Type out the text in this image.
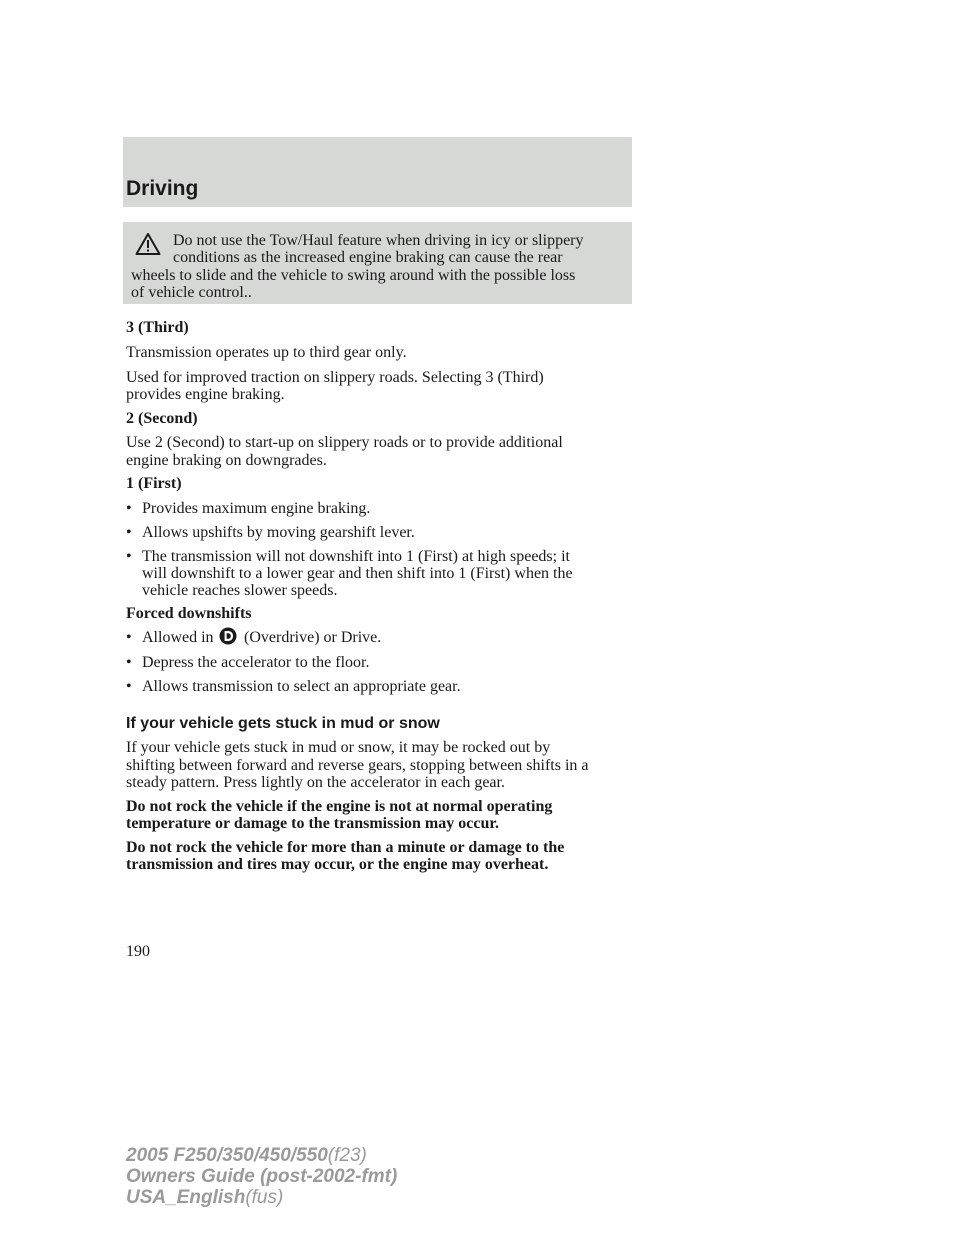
Driving
Do not use the Tow/Haul feature when driving in icy or slippery
conditions as the increased engine braking can cause the rear
wheels to slide and the vehicle to swing around with the possible loss
of vehicle control..
3 (Third)
Transmission operates up to third gear only.
Used for improved traction on slippery roads. Selecting 3 (Third)
provides engine braking.
2 (Second)
Use 2 (Second) to start-up on slippery roads or to provide additional
engine braking on downgrades.
1 (First)
• Provides maximum engine braking.
• Allows upshifts by moving gearshift lever.
• The transmission will not downshift into 1 (First) at high speeds; it
will downshift to a lower gear and then shift into 1 (First) when the
vehicle reaches slower speeds.
Forced downshifts
• Allowed in (Overdrive) or Drive.
• Depress the accelerator to the floor.
• Allows transmission to select an appropriate gear.
If your vehicle gets stuck in mud or snow
If your vehicle gets stuck in mud or snow, it may be rocked out by
shifting between forward and reverse gears, stopping between shifts in a
steady pattern. Press lightly on the accelerator in each gear.
Do not rock the vehicle if the engine is not at normal operating
temperature or damage to the transmission may occur.
Do not rock the vehicle for more than a minute or damage to the
transmission and tires may occur, or the engine may overheat.
190
2005 F250/350/450/550(f23)
Owners Guide (post-2002-fmt)
USA_English(fus)
